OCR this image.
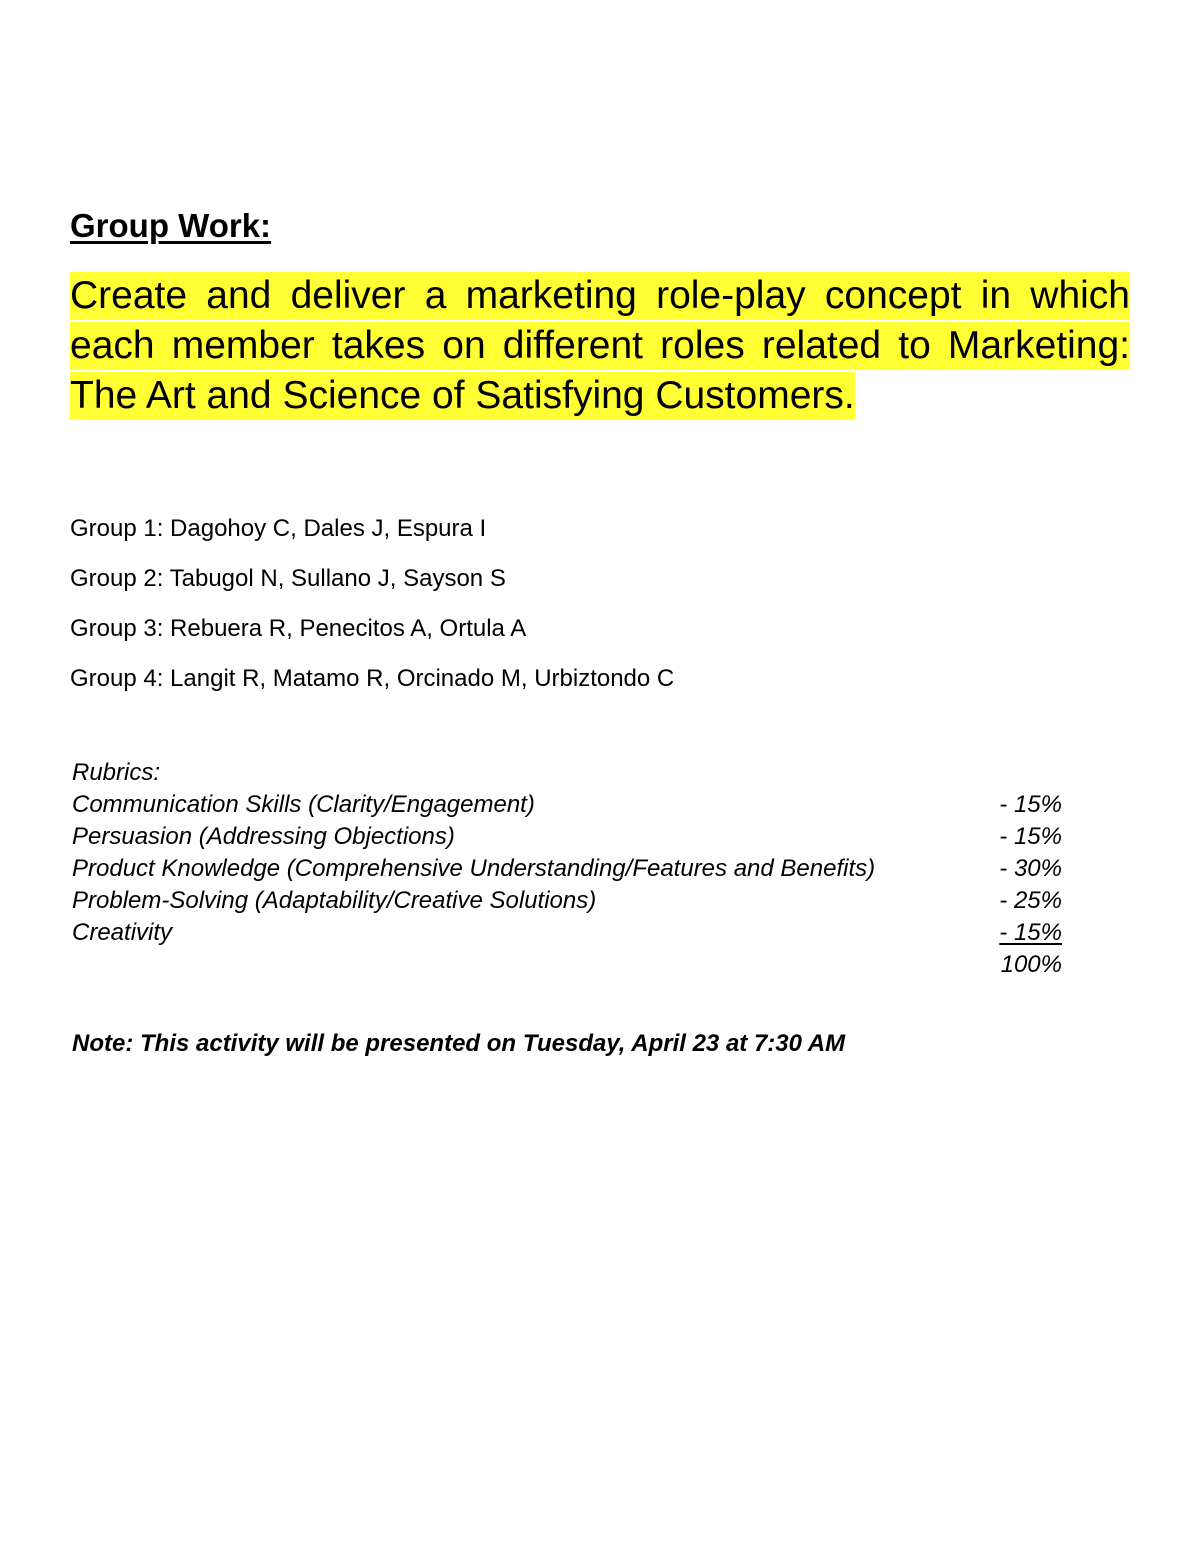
Group Work:

Create and deliver a marketing role-play concept in which each member takes on different roles related to Marketing: The Art and Science of Satisfying Customers.

Group 1: Dagohoy C, Dales J, Espura I
Group 2: Tabugol N, Sullano J, Sayson S
Group 3: Rebuera R, Penecitos A, Ortula A
Group 4: Langit R, Matamo R, Orcinado M, Urbiztondo C

Rubrics:

Communication Skills (Clarity/Engagement)	- 15%
Persuasion (Addressing Objections)	- 15%
Product Knowledge (Comprehensive Understanding/Features and Benefits)	- 30%
Problem-Solving (Adaptability/Creative Solutions)	- 25%
Creativity	- 15%
100%

Note: This activity will be presented on Tuesday, April 23 at 7:30 AM
